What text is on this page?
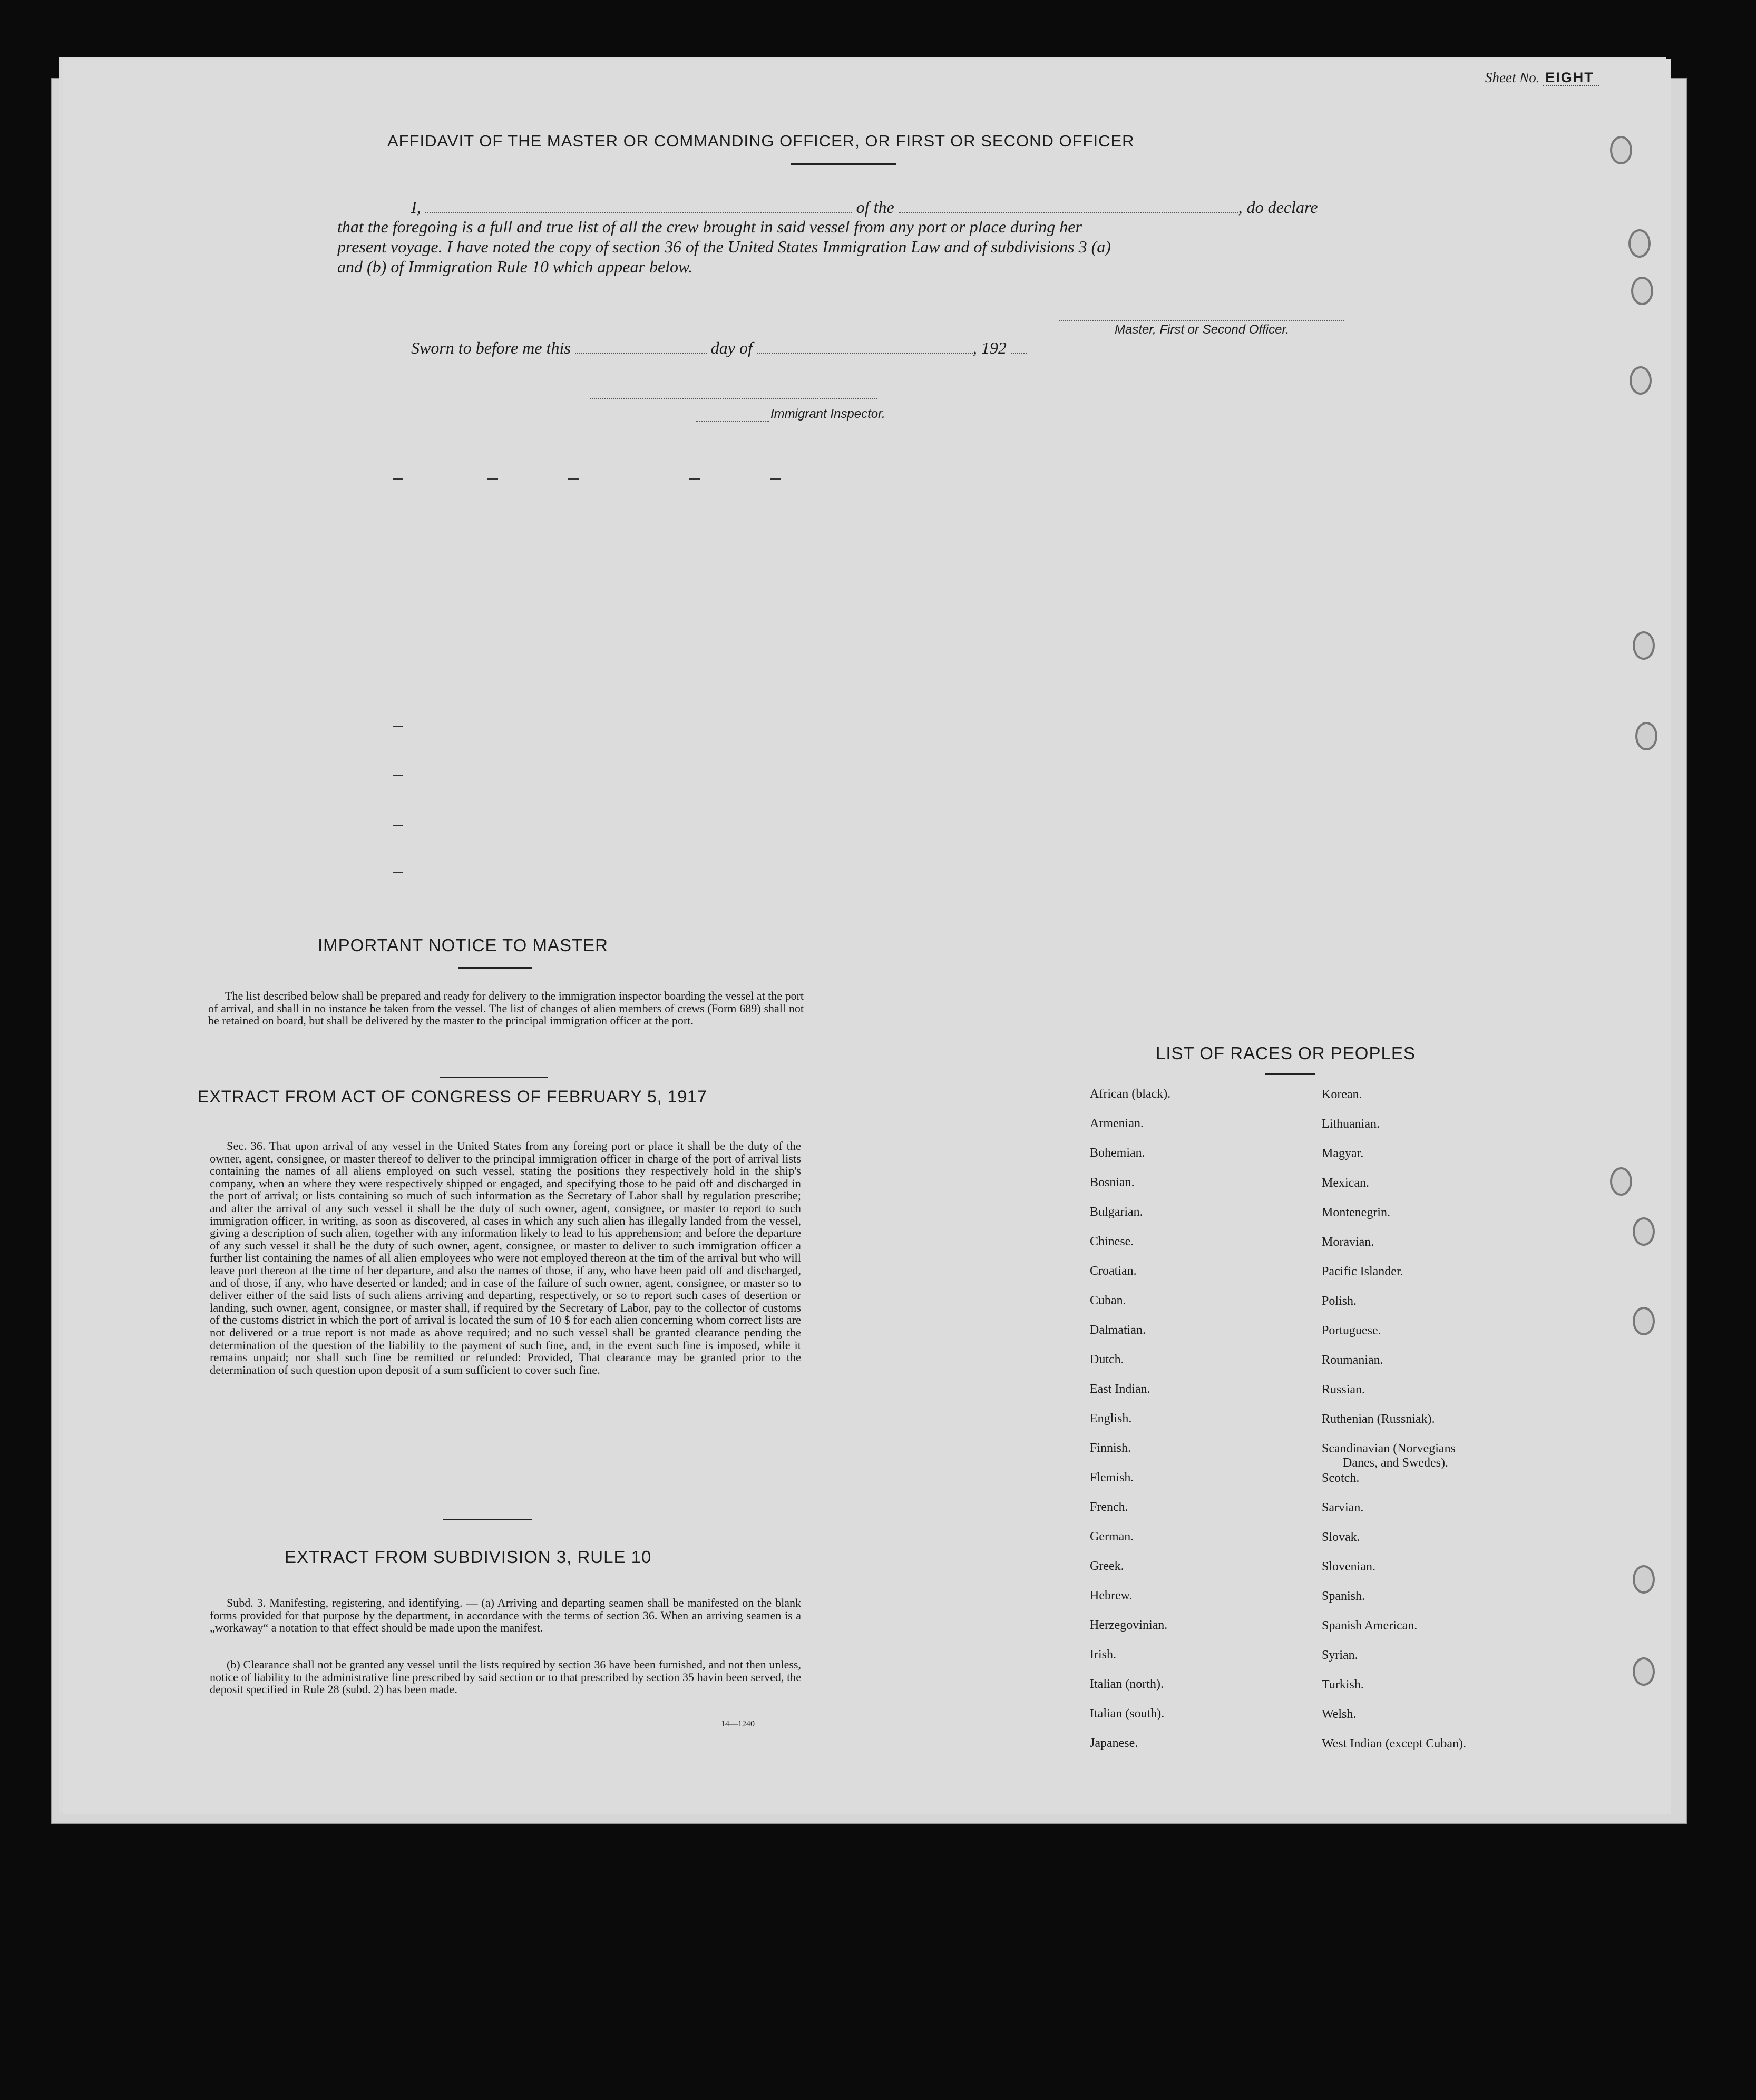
Sheet No. EIGHT
AFFIDAVIT OF THE MASTER OR COMMANDING OFFICER, OR FIRST OR SECOND OFFICER
I,	of the	, do declare
that the foregoing is a full and true list of all the crew brought in said vessel from any port or place during her
present voyage. I have noted the copy of section 36 of the United States Immigration Law and of subdivisions 3 (a)
and (b) of Immigration Rule 10 which appear below.
Master, First or Second Officer.
Sworn to before me this	day of	, 192
Immigrant Inspector.
IMPORTANT NOTICE TO MASTER

The list described below shall be prepared and ready for delivery to the immigration inspector boarding the vessel at the port of arrival, and shall in no instance be taken from the vessel. The list of changes of alien members of crews (Form 689) shall not be retained on board, but shall be delivered by the master to the principal immigration officer at the port.

EXTRACT FROM ACT OF CONGRESS OF FEBRUARY 5, 1917

Sec. 36. That upon arrival of any vessel in the United States from any foreing port or place it shall be the duty of the owner, agent, consignee, or master thereof to deliver to the principal immigration officer in charge of the port of arrival lists containing the names of all aliens employed on such vessel, stating the positions they respectively hold in the ship's company, when an where they were respectively shipped or engaged, and specifying those to be paid off and discharged in the port of arrival; or lists containing so much of such information as the Secretary of Labor shall by regulation prescribe; and after the arrival of any such vessel it shall be the duty of such owner, agent, consignee, or master to report to such immigration officer, in writing, as soon as discovered, al cases in which any such alien has illegally landed from the vessel, giving a description of such alien, together with any information likely to lead to his apprehension; and before the departure of any such vessel it shall be the duty of such owner, agent, consignee, or master to deliver to such immigration officer a further list containing the names of all alien employees who were not employed thereon at the tim of the arrival but who will leave port thereon at the time of her departure, and also the names of those, if any, who have been paid off and discharged, and of those, if any, who have deserted or landed; and in case of the failure of such owner, agent, consignee, or master so to deliver either of the said lists of such aliens arriving and departing, respectively, or so to report such cases of desertion or landing, such owner, agent, consignee, or master shall, if required by the Secretary of Labor, pay to the collector of customs of the customs district in which the port of arrival is located the sum of 10 $ for each alien concerning whom correct lists are not delivered or a true report is not made as above required; and no such vessel shall be granted clearance pending the determination of the question of the liability to the payment of such fine, and, in the event such fine is imposed, while it remains unpaid; nor shall such fine be remitted or refunded: Provided, That clearance may be granted prior to the determination of such question upon deposit of a sum sufficient to cover such fine.

EXTRACT FROM SUBDIVISION 3, RULE 10

Subd. 3. Manifesting, registering, and identifying. — (a) Arriving and departing seamen shall be manifested on the blank forms provided for that purpose by the department, in accordance with the terms of section 36. When an arriving seamen is a „workaway“ a notation to that effect should be made upon the manifest.

(b) Clearance shall not be granted any vessel until the lists required by section 36 have been furnished, and not then unless, notice of liability to the administrative fine prescribed by said section or to that prescribed by section 35 havin been served, the deposit specified in Rule 28 (subd. 2) has been made.

14—1240
LIST OF RACES OR PEOPLES
African (black).
Armenian.
Bohemian.
Bosnian.
Bulgarian.
Chinese.
Croatian.
Cuban.
Dalmatian.
Dutch.
East Indian.
English.
Finnish.
Flemish.
French.
German.
Greek.
Hebrew.
Herzegovinian.
Irish.
Italian (north).
Italian (south).
Japanese.
Korean.
Lithuanian.
Magyar.
Mexican.
Montenegrin.
Moravian.
Pacific Islander.
Polish.
Portuguese.
Roumanian.
Russian.
Ruthenian (Russniak).
Scandinavian (Norvegians
Danes, and Swedes).
Scotch.
Sarvian.
Slovak.
Slovenian.
Spanish.
Spanish American.
Syrian.
Turkish.
Welsh.
West Indian (except Cuban).
